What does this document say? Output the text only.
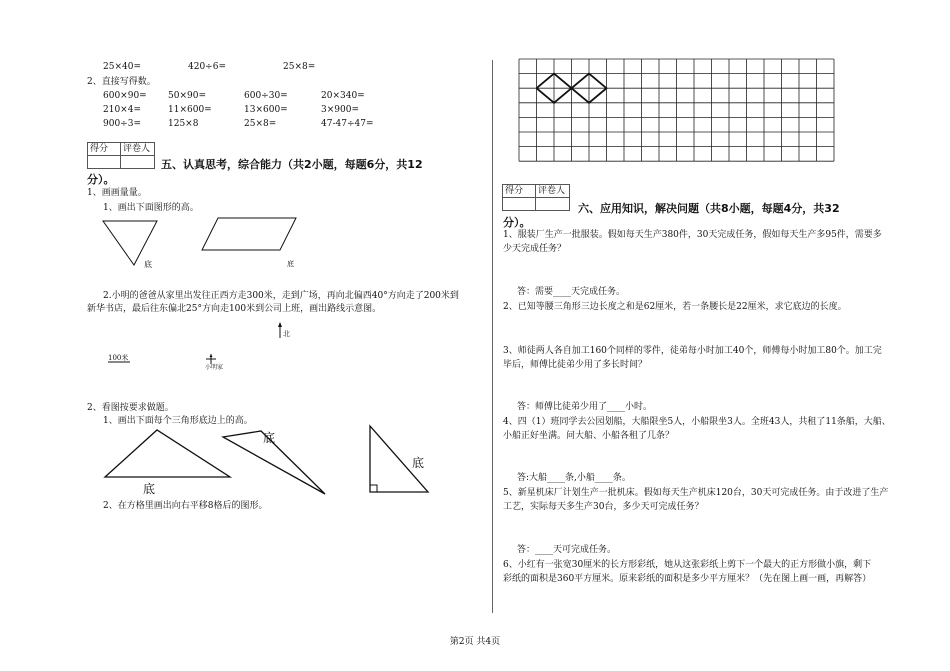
25×40=	420÷6=	25×8=
2、直接写得数。
600×90= 50×90=	600÷30=	20×340=
210×4=	11×600=	13×600=	3×900=
900÷3=	125×8	25×8=	47-47÷47=
得分	评卷人
五、认真思考，综合能力（共2小题，每题6分，共12
分）。
1、画画量量。
1、画出下面图形的高。
底	底
2.小明的爸爸从家里出发往正西方走300米，走到广场，再向北偏西40°方向走了200米到
新华书店，最后往东偏北25°方向走100米到公司上班，画出路线示意图。
北
100米
小明家
2、看图按要求做题。
1、画出下面每个三角形底边上的高。
底
底
底
2、在方格里画出向右平移8格后的图形。
得分	评卷人
六、应用知识，解决问题（共8小题，每题4分，共32
分）。
1、服装厂生产一批服装。假如每天生产380件，30天完成任务，假如每天生产多95件，需要多
少天完成任务？
答：需要____天完成任务。
2、已知等腰三角形三边长度之和是62厘米，若一条腰长是22厘米，求它底边的长度。
3、师徒两人各自加工160个同样的零件，徒弟每小时加工40个，师傅每小时加工80个。加工完
毕后，师傅比徒弟少用了多长时间？
答：师傅比徒弟少用了____小时。
4、四（1）班同学去公园划船，大船限坐5人，小船限坐3人。全班43人，共租了11条船，大船、
小船正好坐满。问大船、小船各租了几条？
答:大船____条,小船____条。
5、新星机床厂计划生产一批机床。假如每天生产机床120台，30天可完成任务。由于改进了生产
工艺，实际每天多生产30台，多少天可完成任务？
答：____天可完成任务。
6、小红有一张宽30厘米的长方形彩纸，她从这张彩纸上剪下一个最大的正方形做小旗，剩下
彩纸的面积是360平方厘米。原来彩纸的面积是多少平方厘米？（先在图上画一画，再解答）
第2页 共4页
